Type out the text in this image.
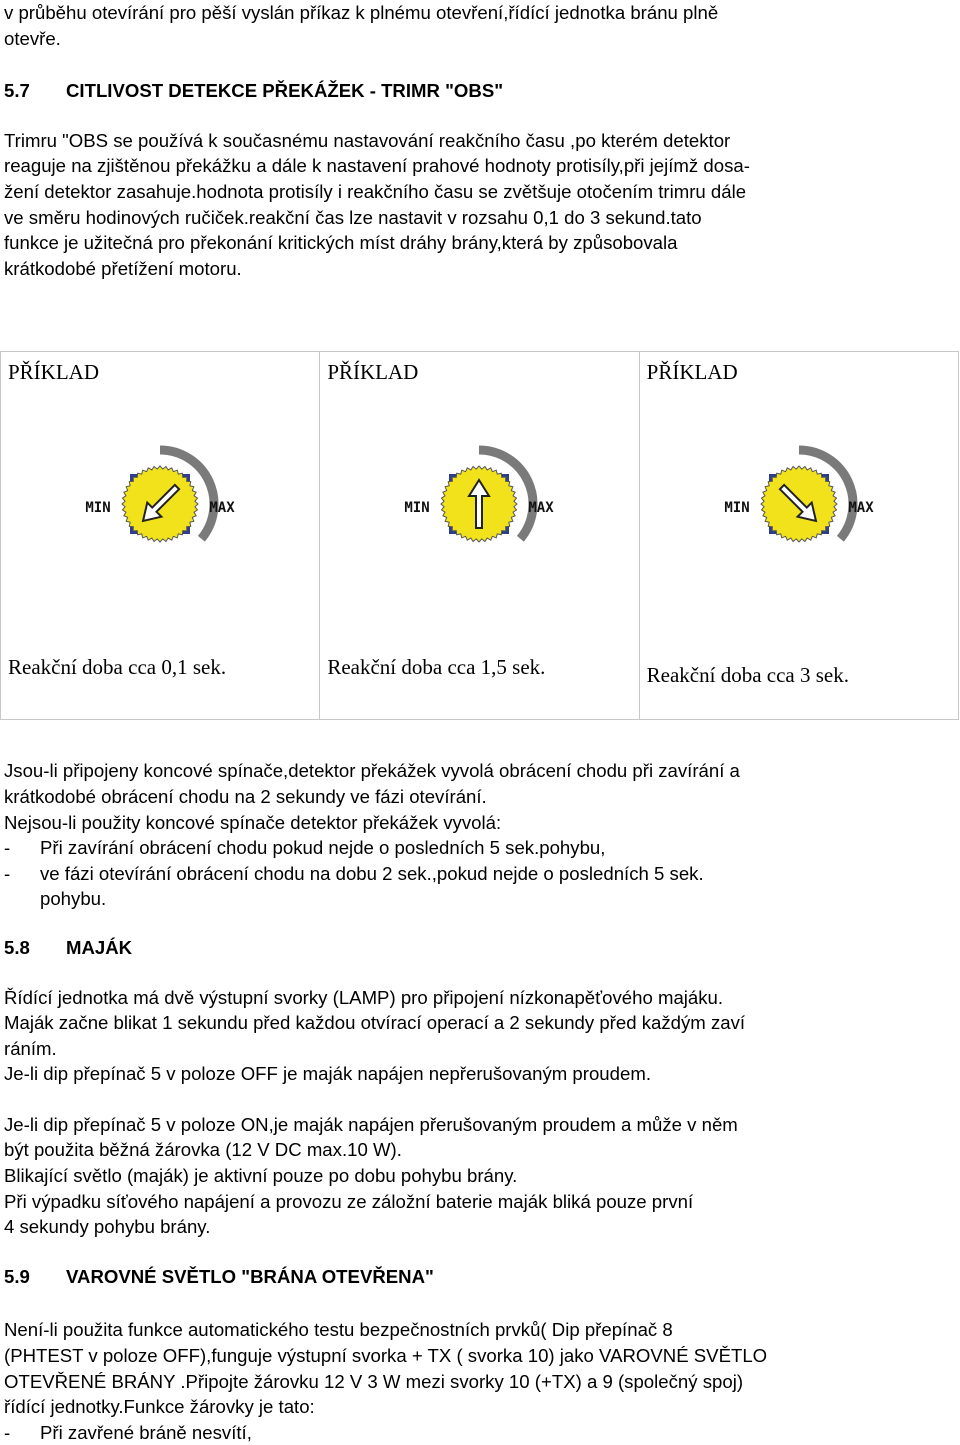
v průběhu otevírání pro pěší vyslán příkaz k plnému otevření,řídící jednotka bránu plně

otevře.

5.7 CITLIVOST DETEKCE PŘEKÁŽEK - TRIMR "OBS"

Trimru "OBS se používá k současnému nastavování reakčního času ,po kterém detektor

reaguje na zjištěnou překážku a dále k nastavení prahové hodnoty protisíly,při jejímž dosa-

žení detektor zasahuje.hodnota protisíly i reakčního času se zvětšuje otočením trimru dále

ve směru hodinových ručiček.reakční čas lze nastavit v rozsahu 0,1 do 3 sekund.tato

funkce je užitečná pro překonání kritických míst dráhy brány,která by způsobovala

krátkodobé přetížení motoru.

Jsou-li připojeny koncové spínače,detektor překážek vyvolá obrácení chodu při zavírání a

krátkodobé obrácení chodu na 2 sekundy ve fázi otevírání.

Nejsou-li použity koncové spínače detektor překážek vyvolá:

-	Při zavírání obrácení chodu pokud nejde o posledních 5 sek.pohybu,
-	ve fázi otevírání obrácení chodu na dobu 2 sek.,pokud nejde o posledních 5 sek.

pohybu.

5.8 MAJÁK

Řídící jednotka má dvě výstupní svorky (LAMP) pro připojení nízkonapěťového majáku.

Maják začne blikat 1 sekundu před každou otvírací operací a 2 sekundy před každým zaví

ráním.

Je-li dip přepínač 5 v poloze OFF je maják napájen nepřerušovaným proudem.

Je-li dip přepínač 5 v poloze ON,je maják napájen přerušovaným proudem a může v něm

být použita běžná žárovka (12 V DC max.10 W).

Blikající světlo (maják) je aktivní pouze po dobu pohybu brány.

Při výpadku síťového napájení a provozu ze záložní baterie maják bliká pouze první

4 sekundy pohybu brány.

5.9 VAROVNÉ SVĚTLO "BRÁNA OTEVŘENA"

Není-li použita funkce automatického testu bezpečnostních prvků( Dip přepínač 8

(PHTEST v poloze OFF),funguje výstupní svorka + TX ( svorka 10) jako VAROVNÉ SVĚTLO

OTEVŘENÉ BRÁNY .Připojte žárovku 12 V 3 W mezi svorky 10 (+TX) a 9 (společný spoj)

řídící jednotky.Funkce žárovky je tato:

-	Při zavřené bráně nesvítí,
PŘÍKLAD
MIN	MAX
Reakční doba cca 0,1 sek.
PŘÍKLAD
MIN	MAX
Reakční doba cca 1,5 sek.
PŘÍKLAD
MIN	MAX
Reakční doba cca 3 sek.
